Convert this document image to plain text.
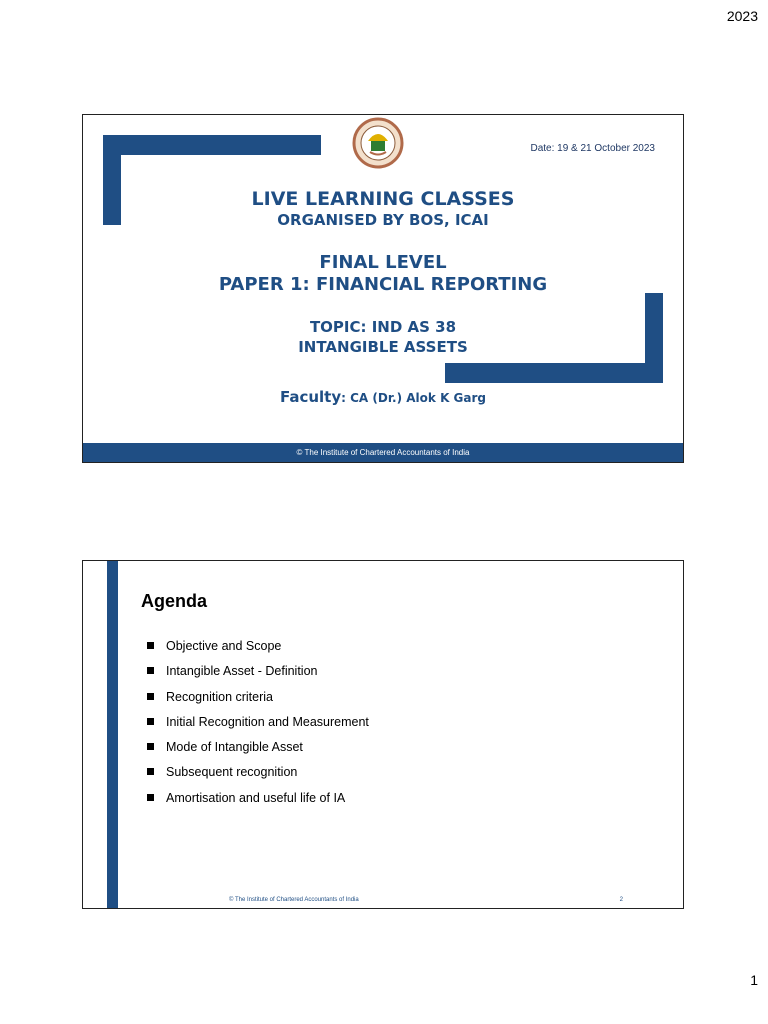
2023
Date: 19 & 21 October 2023
LIVE LEARNING CLASSES
ORGANISED BY BOS, ICAI
FINAL LEVEL
PAPER 1: FINANCIAL REPORTING
TOPIC: IND AS 38
INTANGIBLE ASSETS
Faculty: CA (Dr.) Alok K Garg
© The Institute of Chartered Accountants of India
Agenda
Objective and Scope
Intangible Asset - Definition
Recognition criteria
Initial Recognition and Measurement
Mode of Intangible Asset
Subsequent recognition
Amortisation and useful life of IA
© The Institute of Chartered Accountants of India	2
1
